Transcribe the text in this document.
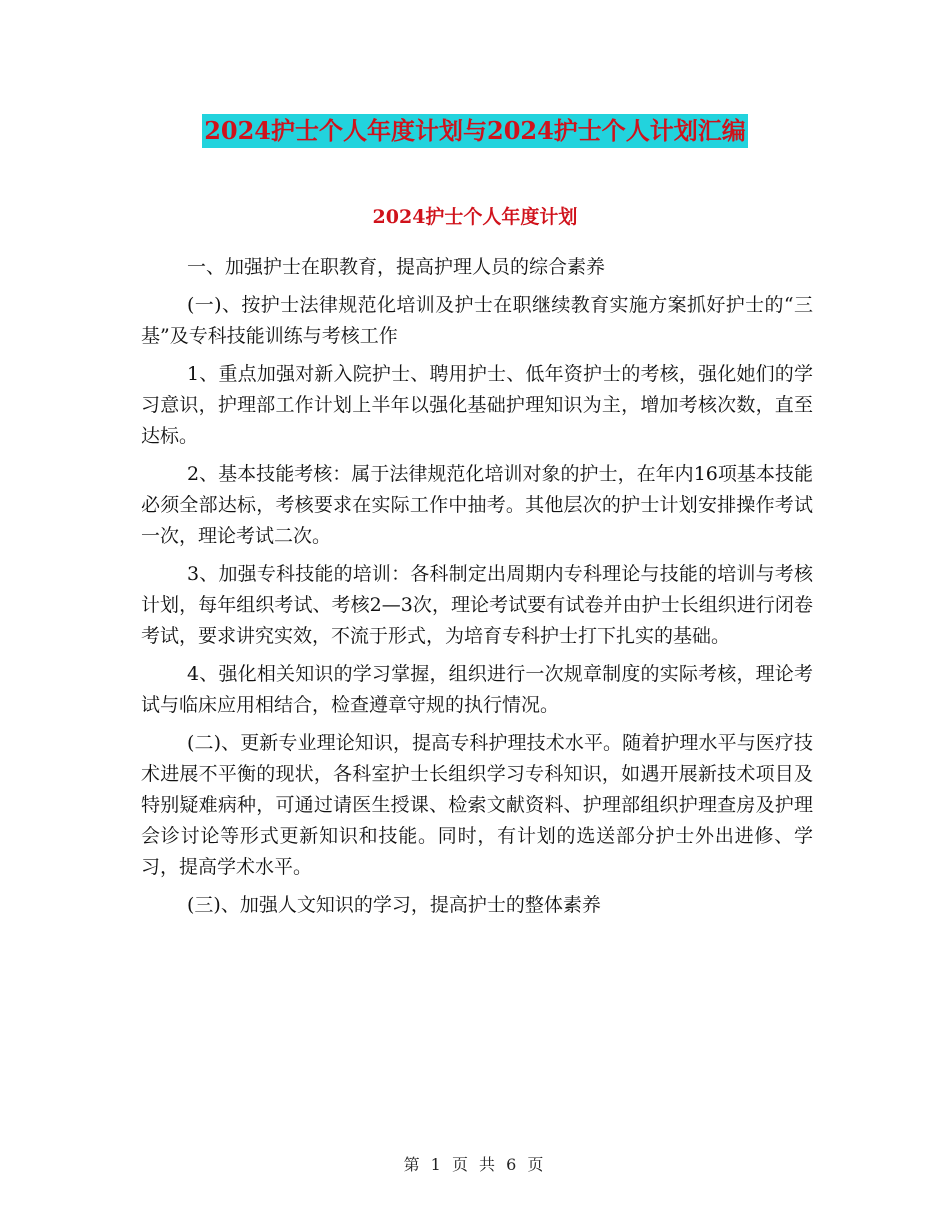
2024护士个人年度计划与2024护士个人计划汇编
2024护士个人年度计划

一、加强护士在职教育，提高护理人员的综合素养

(一)、按护士法律规范化培训及护士在职继续教育实施方案抓好护士的“三基”及专科技能训练与考核工作

1、重点加强对新入院护士、聘用护士、低年资护士的考核，强化她们的学习意识，护理部工作计划上半年以强化基础护理知识为主，增加考核次数，直至达标。

2、基本技能考核：属于法律规范化培训对象的护士，在年内16项基本技能必须全部达标，考核要求在实际工作中抽考。其他层次的护士计划安排操作考试一次，理论考试二次。

3、加强专科技能的培训：各科制定出周期内专科理论与技能的培训与考核计划，每年组织考试、考核2—3次，理论考试要有试卷并由护士长组织进行闭卷考试，要求讲究实效，不流于形式，为培育专科护士打下扎实的基础。

4、强化相关知识的学习掌握，组织进行一次规章制度的实际考核，理论考试与临床应用相结合，检查遵章守规的执行情况。

(二)、更新专业理论知识，提高专科护理技术水平。随着护理水平与医疗技术进展不平衡的现状，各科室护士长组织学习专科知识，如遇开展新技术项目及特别疑难病种，可通过请医生授课、检索文献资料、护理部组织护理查房及护理会诊讨论等形式更新知识和技能。同时，有计划的选送部分护士外出进修、学习，提高学术水平。

(三)、加强人文知识的学习，提高护士的整体素养

第 1 页 共 6 页
